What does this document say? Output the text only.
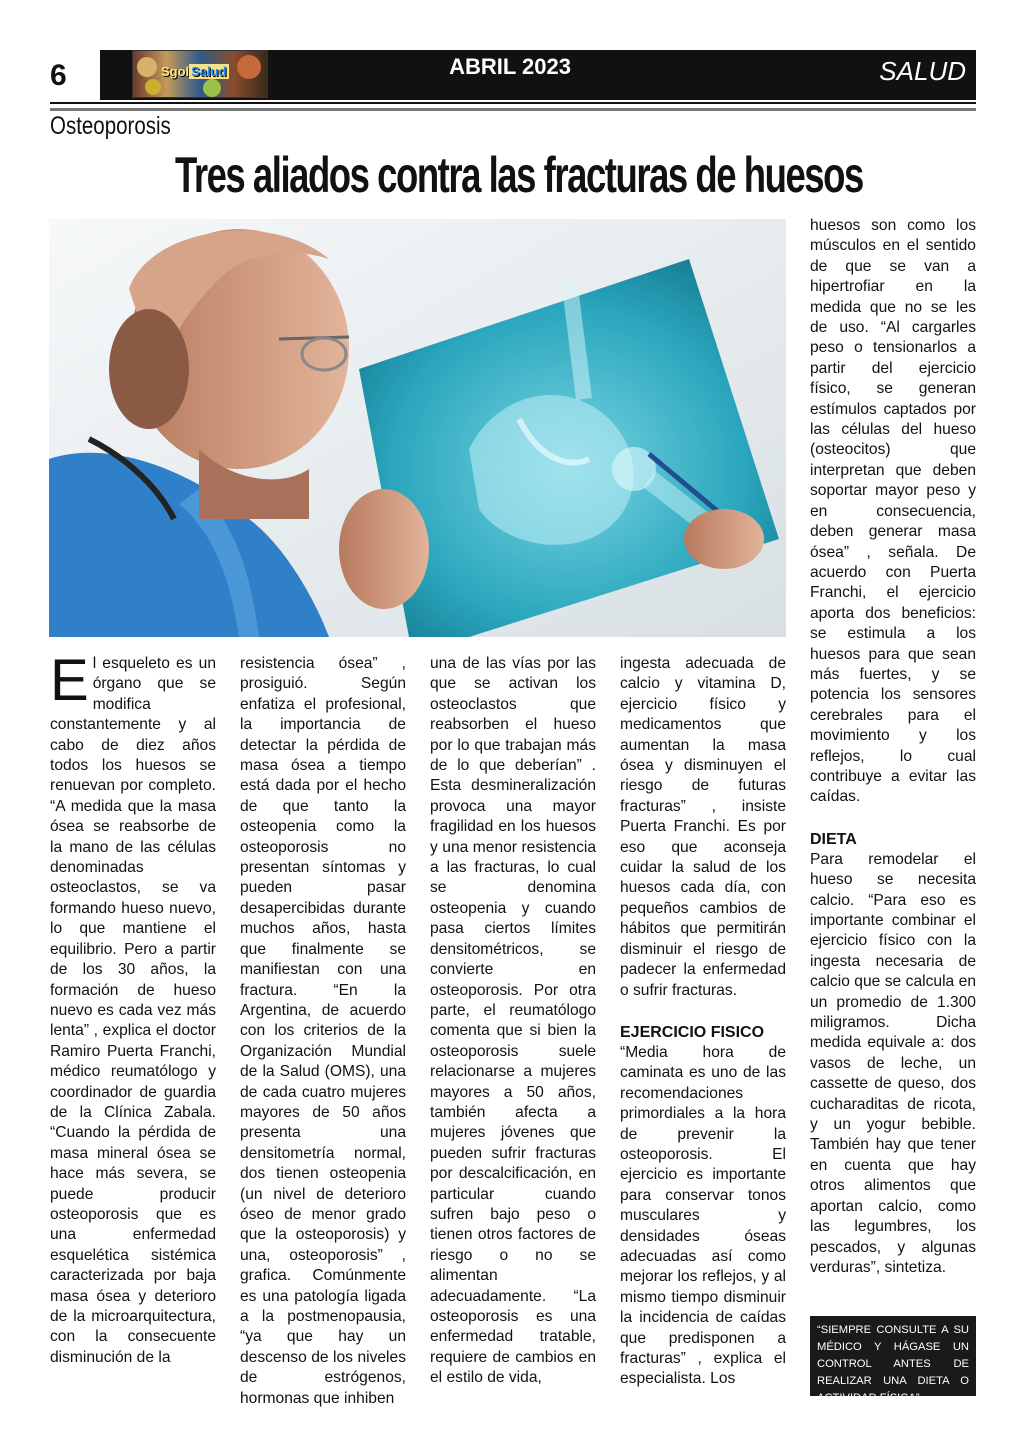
6	Sgol Salud	ABRIL 2023	SALUD
Osteoporosis
Tres aliados contra las fracturas de huesos

El esqueleto es un órgano que se modifica constantemente y al cabo de diez años todos los huesos se renuevan por completo. “A medida que la masa ósea se reabsorbe de la mano de las células denominadas osteoclastos, se va formando hueso nuevo, lo que mantiene el equilibrio. Pero a partir de los 30 años, la formación de hueso nuevo es cada vez más lenta” , explica el doctor Ramiro Puerta Franchi, médico reumatólogo y coordinador de guardia de la Clínica Zabala. “Cuando la pérdida de masa mineral ósea se hace más severa, se puede producir osteoporosis que es una enfermedad esquelética sistémica caracterizada por baja masa ósea y deterioro de la microarquitectura, con la consecuente disminución de la

resistencia ósea” , prosiguió. Según enfatiza el profesional, la importancia de detectar la pérdida de masa ósea a tiempo está dada por el hecho de que tanto la osteopenia como la osteoporosis no presentan síntomas y pueden pasar desapercibidas durante muchos años, hasta que finalmente se manifiestan con una fractura. “En la Argentina, de acuerdo con los criterios de la Organización Mundial de la Salud (OMS), una de cada cuatro mujeres mayores de 50 años presenta una densitometría normal, dos tienen osteopenia (un nivel de deterioro óseo de menor grado que la osteoporosis) y una, osteoporosis” , grafica. Comúnmente es una patología ligada a la postmenopausia, “ya que hay un descenso de los niveles de estrógenos, hormonas que inhiben

una de las vías por las que se activan los osteoclastos que reabsorben el hueso por lo que trabajan más de lo que deberían” . Esta desmineralización provoca una mayor fragilidad en los huesos y una menor resistencia a las fracturas, lo cual se denomina osteopenia y cuando pasa ciertos límites densitométricos, se convierte en osteoporosis. Por otra parte, el reumatólogo comenta que si bien la osteoporosis suele relacionarse a mujeres mayores a 50 años, también afecta a mujeres jóvenes que pueden sufrir fracturas por descalcificación, en particular cuando sufren bajo peso o tienen otros factores de riesgo o no se alimentan adecuadamente. “La osteoporosis es una enfermedad tratable, requiere de cambios en el estilo de vida,

ingesta adecuada de calcio y vitamina D, ejercicio físico y medicamentos que aumentan la masa ósea y disminuyen el riesgo de futuras fracturas” , insiste Puerta Franchi. Es por eso que aconseja cuidar la salud de los huesos cada día, con pequeños cambios de hábitos que permitirán disminuir el riesgo de padecer la enfermedad o sufrir fracturas.

EJERCICIO FISICO

“Media hora de caminata es uno de las recomendaciones primordiales a la hora de prevenir la osteoporosis. El ejercicio es importante para conservar tonos musculares y densidades óseas adecuadas así como mejorar los reflejos, y al mismo tiempo disminuir la incidencia de caídas que predisponen a fracturas” , explica el especialista. Los

huesos son como los músculos en el sentido de que se van a hipertrofiar en la medida que no se les de uso. “Al cargarles peso o tensionarlos a partir del ejercicio físico, se generan estímulos captados por las células del hueso (osteocitos) que interpretan que deben soportar mayor peso y en consecuencia, deben generar masa ósea” , señala. De acuerdo con Puerta Franchi, el ejercicio aporta dos beneficios: se estimula a los huesos para que sean más fuertes, y se potencia los sensores cerebrales para el movimiento y los reflejos, lo cual contribuye a evitar las caídas.

DIETA

Para remodelar el hueso se necesita calcio. “Para eso es importante combinar el ejercicio físico con la ingesta necesaria de calcio que se calcula en un promedio de 1.300 miligramos. Dicha medida equivale a: dos vasos de leche, un cassette de queso, dos cucharaditas de ricota, y un yogur bebible. También hay que tener en cuenta que hay otros alimentos que aportan calcio, como las legumbres, los pescados, y algunas verduras”, sintetiza.

“SIEMPRE CONSULTE A SU MÉDICO Y HÁGASE UN CONTROL ANTES DE REALIZAR UNA DIETA O ACTIVIDAD FÍSICA”
